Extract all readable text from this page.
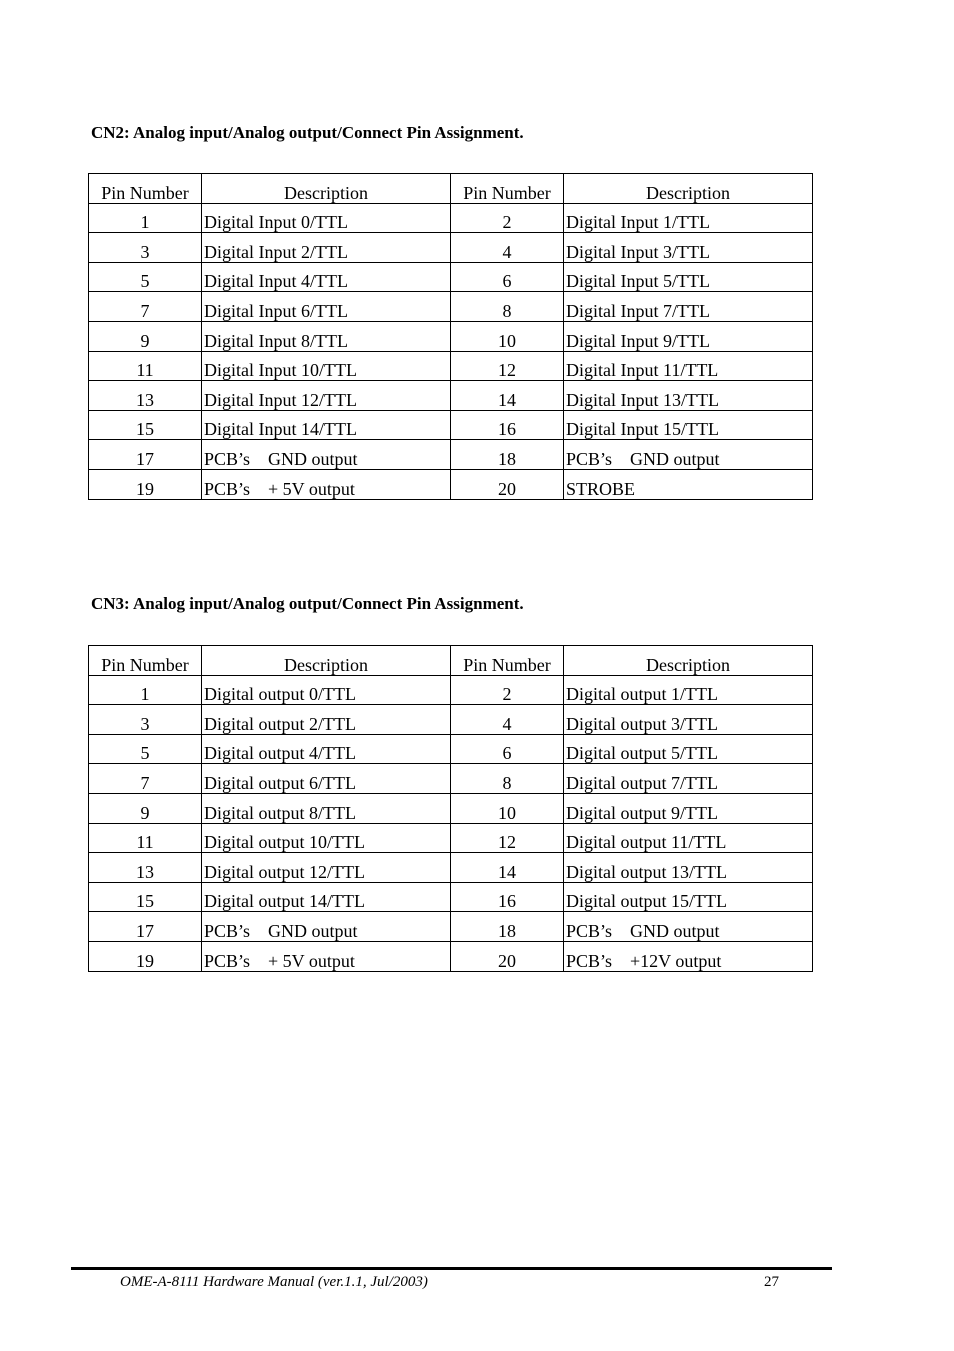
CN2: Analog input/Analog output/Connect Pin Assignment.
Pin Number	Description	Pin Number	Description
1	Digital Input 0/TTL	2	Digital Input 1/TTL
3	Digital Input 2/TTL	4	Digital Input 3/TTL
5	Digital Input 4/TTL	6	Digital Input 5/TTL
7	Digital Input 6/TTL	8	Digital Input 7/TTL
9	Digital Input 8/TTL	10	Digital Input 9/TTL
11	Digital Input 10/TTL	12	Digital Input 11/TTL
13	Digital Input 12/TTL	14	Digital Input 13/TTL
15	Digital Input 14/TTL	16	Digital Input 15/TTL
17	PCB’s    GND output	18	PCB’s    GND output
19	PCB’s    + 5V output	20	STROBE
CN3: Analog input/Analog output/Connect Pin Assignment.
Pin Number	Description	Pin Number	Description
1	Digital output 0/TTL	2	Digital output 1/TTL
3	Digital output 2/TTL	4	Digital output 3/TTL
5	Digital output 4/TTL	6	Digital output 5/TTL
7	Digital output 6/TTL	8	Digital output 7/TTL
9	Digital output 8/TTL	10	Digital output 9/TTL
11	Digital output 10/TTL	12	Digital output 11/TTL
13	Digital output 12/TTL	14	Digital output 13/TTL
15	Digital output 14/TTL	16	Digital output 15/TTL
17	PCB’s    GND output	18	PCB’s    GND output
19	PCB’s    + 5V output	20	PCB’s    +12V output
OME-A-8111 Hardware Manual (ver.1.1, Jul/2003)	27
